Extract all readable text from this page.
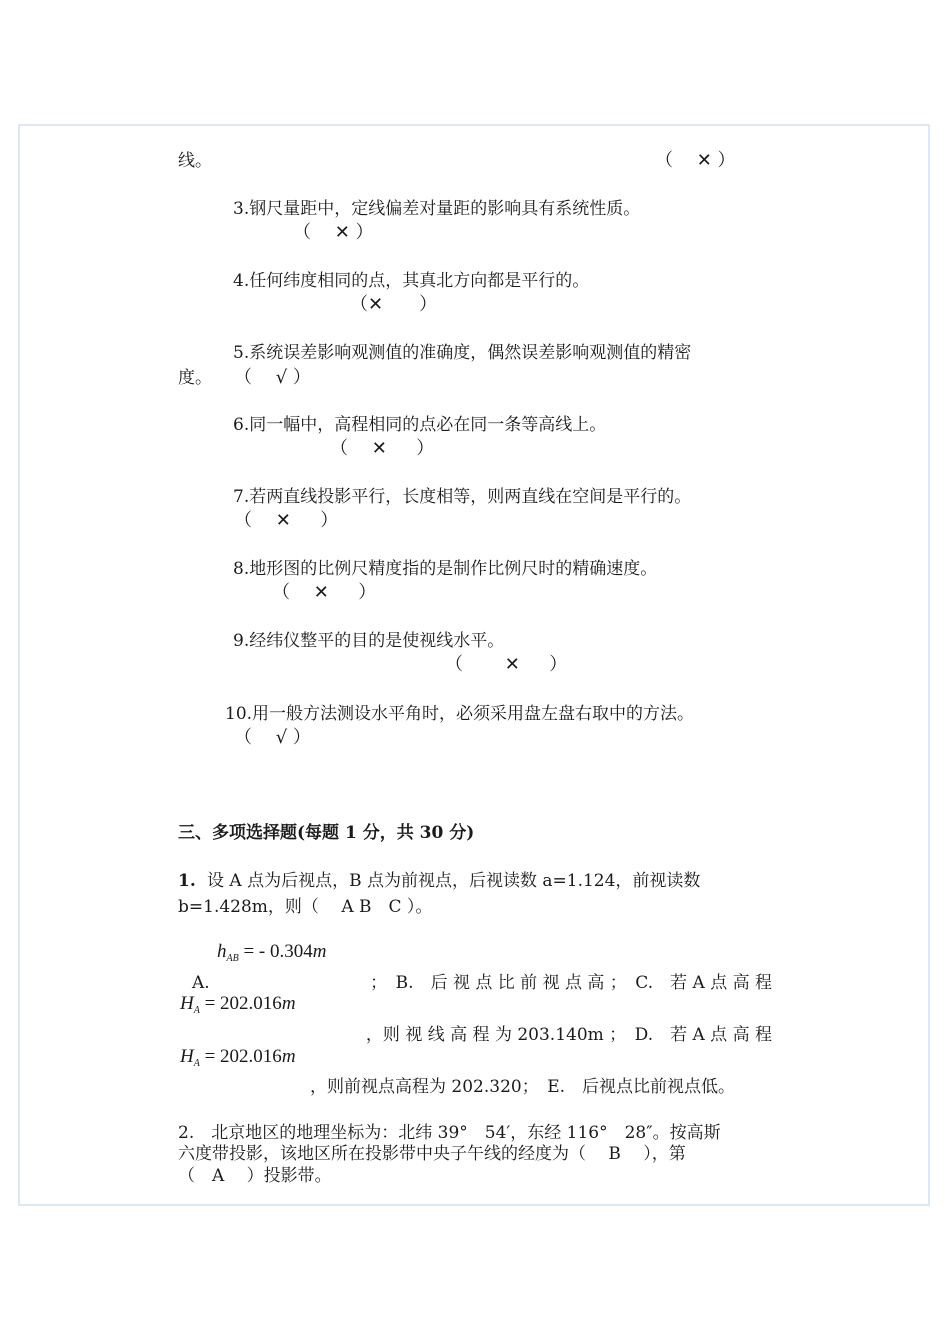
线。	（　 ✕ ）
3.钢尺量距中，定线偏差对量距的影响具有系统性质。
（　 ✕ ）
4.任何纬度相同的点，其真北方向都是平行的。
（✕　　）
5.系统误差影响观测值的准确度，偶然误差影响观测值的精密
度。 （　 √ ）
6.同一幅中，高程相同的点必在同一条等高线上。
（　 ✕ 　 ）
7.若两直线投影平行，长度相等，则两直线在空间是平行的。
（　 ✕ 　 ）
8.地形图的比例尺精度指的是制作比例尺时的精确速度。
（　 ✕ 　 ）
9.经纬仪整平的目的是使视线水平。
（　　 ✕ 　 ）
10.用一般方法测设水平角时，必须采用盘左盘右取中的方法。
（　 √ ）
三、多项选择题(每题 1 分，共 30 分)
1. 设 A 点为后视点，B 点为前视点，后视读数 a=1.124，前视读数
b=1.428m，则（　 A B　C ）。
$h_{AB}$ = - 0.304m
A.	；　B.　后 视 点 比 前 视 点 高 ；　C.　若 A 点 高 程
$H_A = 202.016m$
，则 视 线 高 程 为 203.140m ；　D.　若 A 点 高 程
$H_A = 202.016m$
，则前视点高程为 202.320；　E.　后视点比前视点低。
2.　北京地区的地理坐标为：北纬 39°　54′，东经 116°　28″。按高斯
六度带投影，该地区所在投影带中央子午线的经度为（　 B　 ），第
（　A　 ）投影带。
